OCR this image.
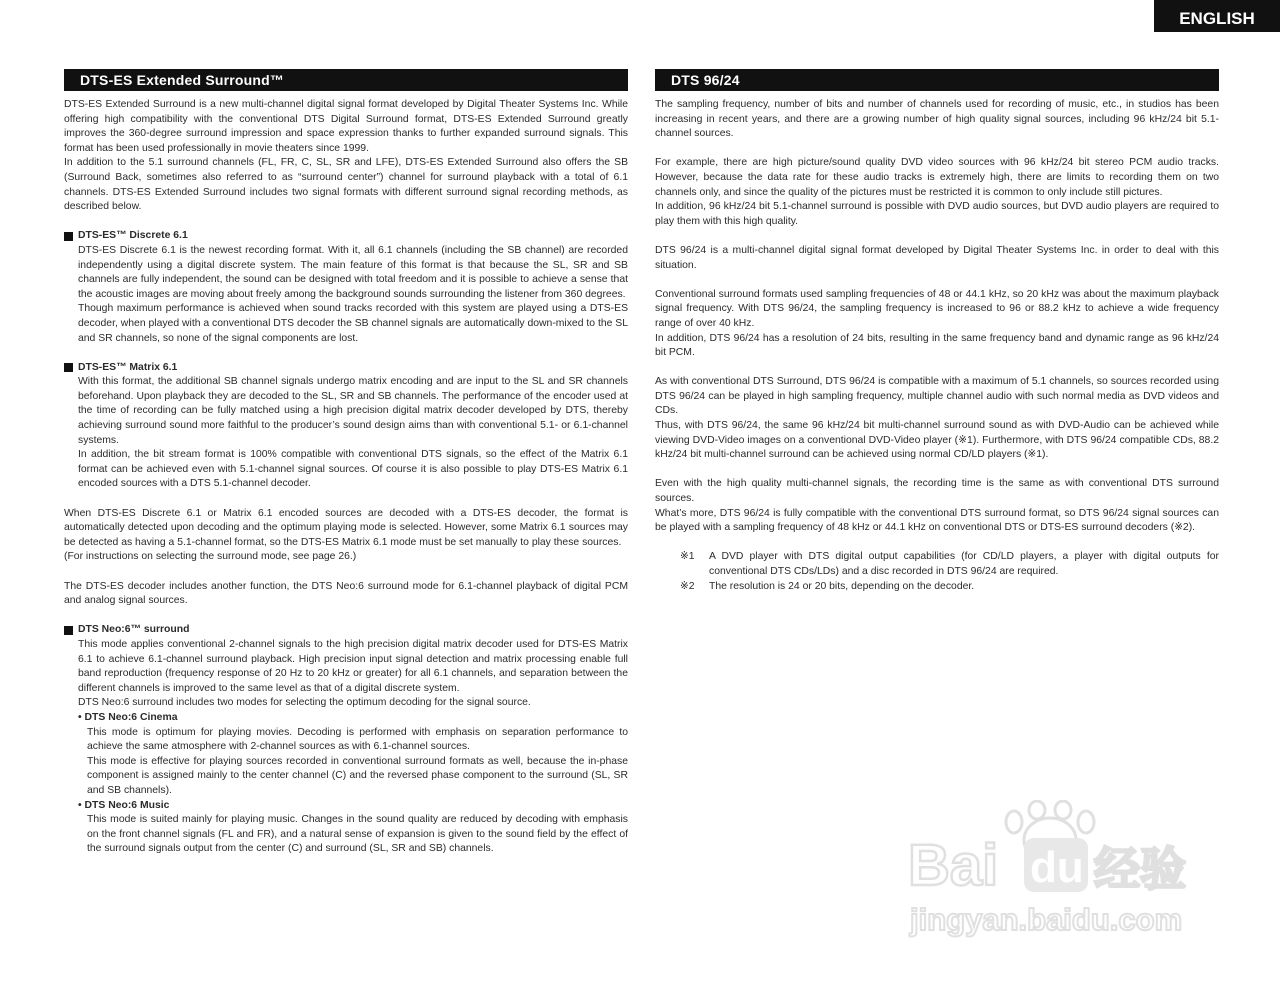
ENGLISH
DTS-ES Extended Surround™

DTS-ES Extended Surround is a new multi-channel digital signal format developed by Digital Theater Systems Inc. While offering high compatibility with the conventional DTS Digital Surround format, DTS-ES Extended Surround greatly improves the 360-degree surround impression and space expression thanks to further expanded surround signals. This format has been used professionally in movie theaters since 1999.

In addition to the 5.1 surround channels (FL, FR, C, SL, SR and LFE), DTS-ES Extended Surround also offers the SB (Surround Back, sometimes also referred to as “surround center”) channel for surround playback with a total of 6.1 channels. DTS-ES Extended Surround includes two signal formats with different surround signal recording methods, as described below.

DTS-ES™ Discrete 6.1

DTS-ES Discrete 6.1 is the newest recording format. With it, all 6.1 channels (including the SB channel) are recorded independently using a digital discrete system. The main feature of this format is that because the SL, SR and SB channels are fully independent, the sound can be designed with total freedom and it is possible to achieve a sense that the acoustic images are moving about freely among the background sounds surrounding the listener from 360 degrees.

Though maximum performance is achieved when sound tracks recorded with this system are played using a DTS-ES decoder, when played with a conventional DTS decoder the SB channel signals are automatically down-mixed to the SL and SR channels, so none of the signal components are lost.

DTS-ES™ Matrix 6.1

With this format, the additional SB channel signals undergo matrix encoding and are input to the SL and SR channels beforehand. Upon playback they are decoded to the SL, SR and SB channels. The performance of the encoder used at the time of recording can be fully matched using a high precision digital matrix decoder developed by DTS, thereby achieving surround sound more faithful to the producer’s sound design aims than with conventional 5.1- or 6.1-channel systems.

In addition, the bit stream format is 100% compatible with conventional DTS signals, so the effect of the Matrix 6.1 format can be achieved even with 5.1-channel signal sources. Of course it is also possible to play DTS-ES Matrix 6.1 encoded sources with a DTS 5.1-channel decoder.

When DTS-ES Discrete 6.1 or Matrix 6.1 encoded sources are decoded with a DTS-ES decoder, the format is automatically detected upon decoding and the optimum playing mode is selected. However, some Matrix 6.1 sources may be detected as having a 5.1-channel format, so the DTS-ES Matrix 6.1 mode must be set manually to play these sources.

(For instructions on selecting the surround mode, see page 26.)

The DTS-ES decoder includes another function, the DTS Neo:6 surround mode for 6.1-channel playback of digital PCM and analog signal sources.

DTS Neo:6™ surround

This mode applies conventional 2-channel signals to the high precision digital matrix decoder used for DTS-ES Matrix 6.1 to achieve 6.1-channel surround playback. High precision input signal detection and matrix processing enable full band reproduction (frequency response of 20 Hz to 20 kHz or greater) for all 6.1 channels, and separation between the different channels is improved to the same level as that of a digital discrete system.

DTS Neo:6 surround includes two modes for selecting the optimum decoding for the signal source.

• DTS Neo:6 Cinema

This mode is optimum for playing movies. Decoding is performed with emphasis on separation performance to achieve the same atmosphere with 2-channel sources as with 6.1-channel sources.

This mode is effective for playing sources recorded in conventional surround formats as well, because the in-phase component is assigned mainly to the center channel (C) and the reversed phase component to the surround (SL, SR and SB channels).

• DTS Neo:6 Music

This mode is suited mainly for playing music. Changes in the sound quality are reduced by decoding with emphasis on the front channel signals (FL and FR), and a natural sense of expansion is given to the sound field by the effect of the surround signals output from the center (C) and surround (SL, SR and SB) channels.

DTS 96/24

The sampling frequency, number of bits and number of channels used for recording of music, etc., in studios has been increasing in recent years, and there are a growing number of high quality signal sources, including 96 kHz/24 bit 5.1-channel sources.

For example, there are high picture/sound quality DVD video sources with 96 kHz/24 bit stereo PCM audio tracks. However, because the data rate for these audio tracks is extremely high, there are limits to recording them on two channels only, and since the quality of the pictures must be restricted it is common to only include still pictures.

In addition, 96 kHz/24 bit 5.1-channel surround is possible with DVD audio sources, but DVD audio players are required to play them with this high quality.

DTS 96/24 is a multi-channel digital signal format developed by Digital Theater Systems Inc. in order to deal with this situation.

Conventional surround formats used sampling frequencies of 48 or 44.1 kHz, so 20 kHz was about the maximum playback signal frequency. With DTS 96/24, the sampling frequency is increased to 96 or 88.2 kHz to achieve a wide frequency range of over 40 kHz.

In addition, DTS 96/24 has a resolution of 24 bits, resulting in the same frequency band and dynamic range as 96 kHz/24 bit PCM.

As with conventional DTS Surround, DTS 96/24 is compatible with a maximum of 5.1 channels, so sources recorded using DTS 96/24 can be played in high sampling frequency, multiple channel audio with such normal media as DVD videos and CDs.

Thus, with DTS 96/24, the same 96 kHz/24 bit multi-channel surround sound as with DVD-Audio can be achieved while viewing DVD-Video images on a conventional DVD-Video player (※1). Furthermore, with DTS 96/24 compatible CDs, 88.2 kHz/24 bit multi-channel surround can be achieved using normal CD/LD players (※1).

Even with the high quality multi-channel signals, the recording time is the same as with conventional DTS surround sources.

What’s more, DTS 96/24 is fully compatible with the conventional DTS surround format, so DTS 96/24 signal sources can be played with a sampling frequency of 48 kHz or 44.1 kHz on conventional DTS or DTS-ES surround decoders (※2).

※1	A DVD player with DTS digital output capabilities (for CD/LD players, a player with digital outputs for conventional DTS CDs/LDs) and a disc recorded in DTS 96/24 are required.
※2	The resolution is 24 or 20 bits, depending on the decoder.
Bai du 经验
jingyan.baidu.com
